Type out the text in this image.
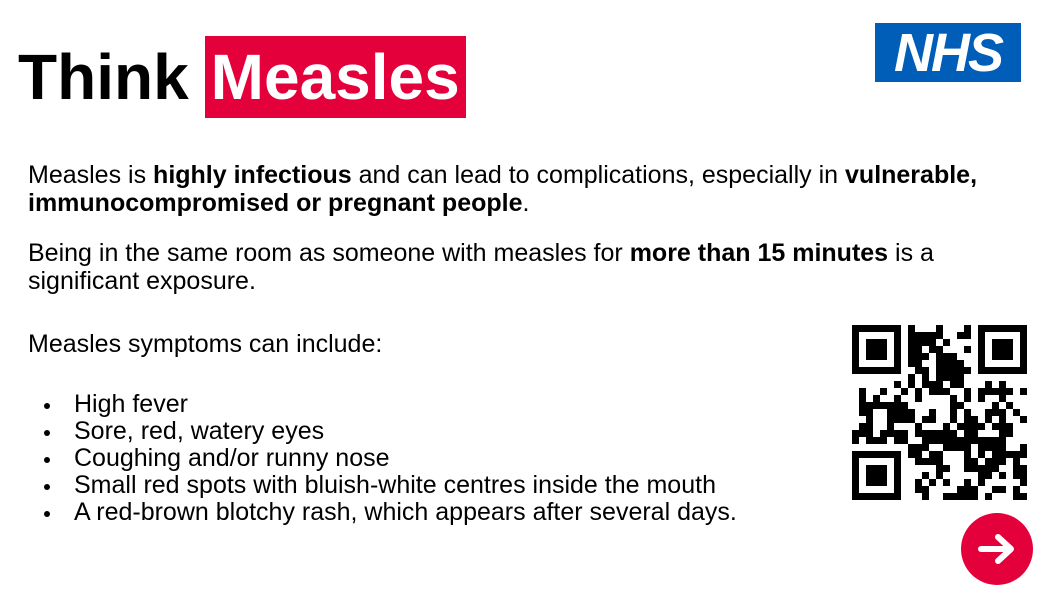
Think Measles	NHS

Measles is highly infectious and can lead to complications, especially in vulnerable, immunocompromised or pregnant people.

Being in the same room as someone with measles for more than 15 minutes is a significant exposure.

Measles symptoms can include:

High fever
Sore, red, watery eyes
Coughing and/or runny nose
Small red spots with bluish-white centres inside the mouth
A red-brown blotchy rash, which appears after several days.
